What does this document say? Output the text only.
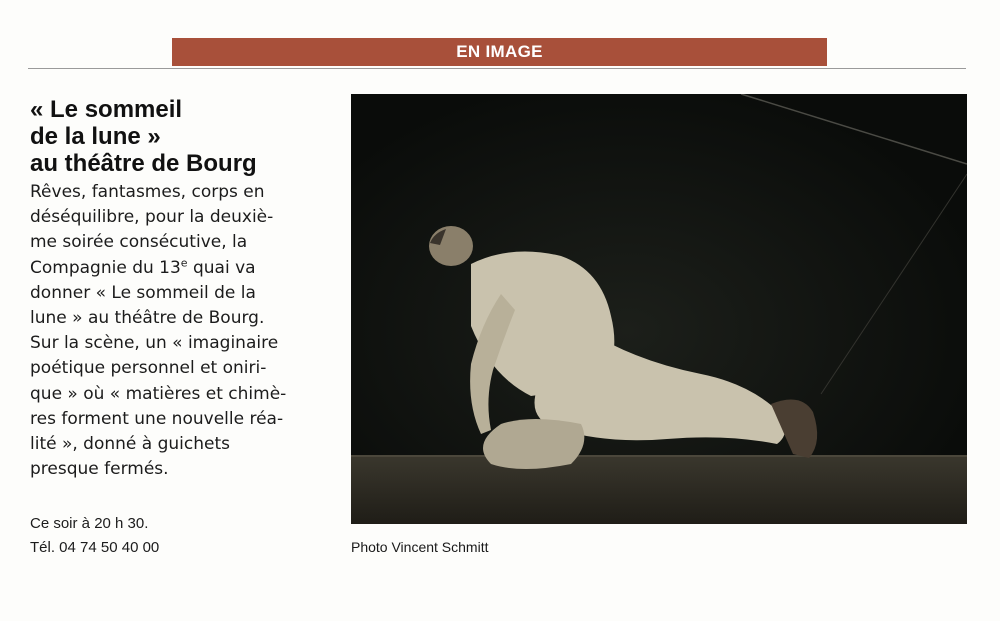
EN IMAGE
« Le sommeil
de la lune »
au théâtre de Bourg
Rêves, fantasmes, corps en
déséquilibre, pour la deuxiè-
me soirée consécutive, la
Compagnie du 13e quai va
donner « Le sommeil de la
lune » au théâtre de Bourg.
Sur la scène, un « imaginaire
poétique personnel et oniri-
que » où « matières et chimè-
res forment une nouvelle réa-
lité », donné à guichets
presque fermés.
Ce soir à 20 h 30.
Tél. 04 74 50 40 00	Photo Vincent Schmitt
